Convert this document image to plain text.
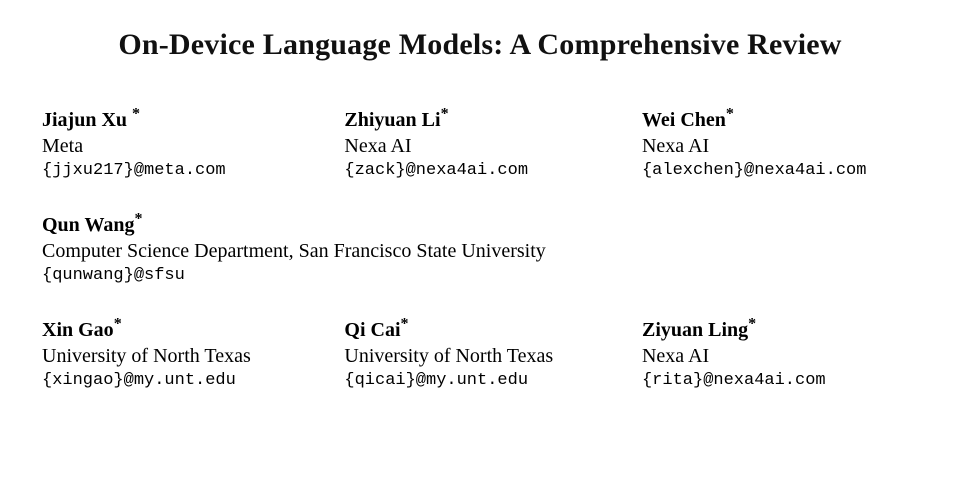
On-Device Language Models: A Comprehensive Review
Jiajun Xu *
Meta
{jjxu217}@meta.com
Zhiyuan Li*
Nexa AI
{zack}@nexa4ai.com
Wei Chen*
Nexa AI
{alexchen}@nexa4ai.com
Qun Wang*
Computer Science Department, San Francisco State University
{qunwang}@sfsu
Xin Gao*
University of North Texas
{xingao}@my.unt.edu
Qi Cai*
University of North Texas
{qicai}@my.unt.edu
Ziyuan Ling*
Nexa AI
{rita}@nexa4ai.com
